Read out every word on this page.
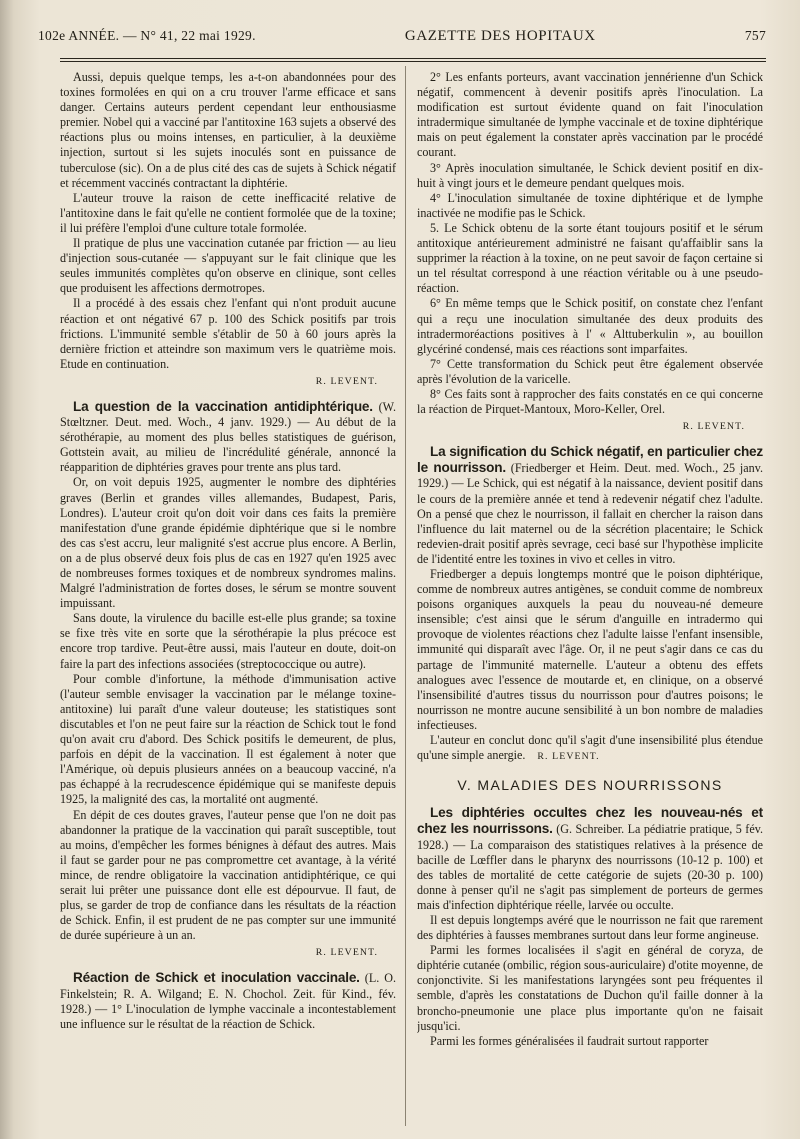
102e ANNÉE. — N° 41, 22 mai 1929.	GAZETTE DES HOPITAUX	757

Aussi, depuis quelque temps, les a-t-on abandonnées pour des toxines formolées en qui on a cru trouver l'arme efficace et sans danger. Certains auteurs perdent cependant leur enthousiasme premier. Nobel qui a vacciné par l'antitoxine 163 sujets a observé des réactions plus ou moins intenses, en particulier, à la deuxième injection, surtout si les sujets inoculés sont en puissance de tuberculose (sic). On a de plus cité des cas de sujets à Schick négatif et récemment vaccinés contractant la diphtérie.

L'auteur trouve la raison de cette inefficacité relative de l'antitoxine dans le fait qu'elle ne contient formolée que de la toxine; il lui préfère l'emploi d'une culture totale formolée.

Il pratique de plus une vaccination cutanée par friction — au lieu d'injection sous-cutanée — s'appuyant sur le fait clinique que les seules immunités complètes qu'on observe en clinique, sont celles que produisent les affections dermotropes.

Il a procédé à des essais chez l'enfant qui n'ont produit aucune réaction et ont négativé 67 p. 100 des Schick positifs par trois frictions. L'immunité semble s'établir de 50 à 60 jours après la dernière friction et atteindre son maximum vers le quatrième mois. Etude en continuation.

R. LEVENT.

La question de la vaccination antidiphtérique. (W. Stœltzner. Deut. med. Woch., 4 janv. 1929.) — Au début de la sérothérapie, au moment des plus belles statistiques de guérison, Gottstein avait, au milieu de l'incrédulité générale, annoncé la réapparition de diphtéries graves pour trente ans plus tard.

Or, on voit depuis 1925, augmenter le nombre des diphtéries graves (Berlin et grandes villes allemandes, Budapest, Paris, Londres). L'auteur croit qu'on doit voir dans ces faits la première manifestation d'une grande épidémie diphtérique que si le nombre des cas s'est accru, leur malignité s'est accrue plus encore. A Berlin, on a de plus observé deux fois plus de cas en 1927 qu'en 1925 avec de nombreuses formes toxiques et de nombreux syndromes malins. Malgré l'administration de fortes doses, le sérum se montre souvent impuissant.

Sans doute, la virulence du bacille est-elle plus grande; sa toxine se fixe très vite en sorte que la sérothérapie la plus précoce est encore trop tardive. Peut-être aussi, mais l'auteur en doute, doit-on faire la part des infections associées (streptococcique ou autre).

Pour comble d'infortune, la méthode d'immunisation active (l'auteur semble envisager la vaccination par le mélange toxine-antitoxine) lui paraît d'une valeur douteuse; les statistiques sont discutables et l'on ne peut faire sur la réaction de Schick tout le fond qu'on avait cru d'abord. Des Schick positifs le demeurent, de plus, parfois en dépit de la vaccination. Il est également à noter que l'Amérique, où depuis plusieurs années on a beaucoup vacciné, n'a pas échappé à la recrudescence épidémique qui se manifeste depuis 1925, la malignité des cas, la mortalité ont augmenté.

En dépit de ces doutes graves, l'auteur pense que l'on ne doit pas abandonner la pratique de la vaccination qui paraît susceptible, tout au moins, d'empêcher les formes bénignes à défaut des autres. Mais il faut se garder pour ne pas compromettre cet avantage, à la vérité mince, de rendre obligatoire la vaccination antidiphtérique, ce qui serait lui prêter une puissance dont elle est dépourvue. Il faut, de plus, se garder de trop de confiance dans les résultats de la réaction de Schick. Enfin, il est prudent de ne pas compter sur une immunité de durée supérieure à un an.

R. LEVENT.

Réaction de Schick et inoculation vaccinale. (L. O. Finkelstein; R. A. Wilgand; E. N. Chochol. Zeit. für Kind., fév. 1928.) — 1° L'inoculation de lymphe vaccinale a incontestablement une influence sur le résultat de la réaction de Schick.

2° Les enfants porteurs, avant vaccination jennérienne d'un Schick négatif, commencent à devenir positifs après l'inoculation. La modification est surtout évidente quand on fait l'inoculation intradermique simultanée de lymphe vaccinale et de toxine diphtérique mais on peut également la constater après vaccination par le procédé courant.

3° Après inoculation simultanée, le Schick devient positif en dix-huit à vingt jours et le demeure pendant quelques mois.

4° L'inoculation simultanée de toxine diphtérique et de lymphe inactivée ne modifie pas le Schick.

5. Le Schick obtenu de la sorte étant toujours positif et le sérum antitoxique antérieurement administré ne faisant qu'affaiblir sans la supprimer la réaction à la toxine, on ne peut savoir de façon certaine si un tel résultat correspond à une réaction véritable ou à une pseudo-réaction.

6° En même temps que le Schick positif, on constate chez l'enfant qui a reçu une inoculation simultanée des deux produits des intradermoréactions positives à l' « Alttuberkulin », au bouillon glycériné condensé, mais ces réactions sont imparfaites.

7° Cette transformation du Schick peut être également observée après l'évolution de la varicelle.

8° Ces faits sont à rapprocher des faits constatés en ce qui concerne la réaction de Pirquet-Mantoux, Moro-Keller, Orel.

R. LEVENT.

La signification du Schick négatif, en particulier chez le nourrisson. (Friedberger et Heim. Deut. med. Woch., 25 janv. 1929.) — Le Schick, qui est négatif à la naissance, devient positif dans le cours de la première année et tend à redevenir négatif chez l'adulte. On a pensé que chez le nourrisson, il fallait en chercher la raison dans l'influence du lait maternel ou de la sécrétion placentaire; le Schick redevien-drait positif après sevrage, ceci basé sur l'hypothèse implicite de l'identité entre les toxines in vivo et celles in vitro.

Friedberger a depuis longtemps montré que le poison diphtérique, comme de nombreux autres antigènes, se conduit comme de nombreux poisons organiques auxquels la peau du nouveau-né demeure insensible; c'est ainsi que le sérum d'anguille en intradermo qui provoque de violentes réactions chez l'adulte laisse l'enfant insensible, immunité qui disparaît avec l'âge. Or, il ne peut s'agir dans ce cas du partage de l'immunité maternelle. L'auteur a obtenu des effets analogues avec l'essence de moutarde et, en clinique, on a observé l'insensibilité d'autres tissus du nourrisson pour d'autres poisons; le nourrisson ne montre aucune sensibilité à un bon nombre de maladies infectieuses.

L'auteur en conclut donc qu'il s'agit d'une insensibilité plus étendue qu'une simple anergie. R. LEVENT.

V. MALADIES DES NOURRISSONS

Les diphtéries occultes chez les nouveau-nés et chez les nourrissons. (G. Schreiber. La pédiatrie pratique, 5 fév. 1928.) — La comparaison des statistiques relatives à la présence de bacille de Lœffler dans le pharynx des nourrissons (10-12 p. 100) et des tables de mortalité de cette catégorie de sujets (20-30 p. 100) donne à penser qu'il ne s'agit pas simplement de porteurs de germes mais d'infection diphtérique réelle, larvée ou occulte.

Il est depuis longtemps avéré que le nourrisson ne fait que rarement des diphtéries à fausses membranes surtout dans leur forme angineuse.

Parmi les formes localisées il s'agit en général de coryza, de diphtérie cutanée (ombilic, région sous-auriculaire) d'otite moyenne, de conjonctivite. Si les manifestations laryngées sont peu fréquentes il semble, d'après les constatations de Duchon qu'il faille donner à la broncho-pneumonie une place plus importante qu'on ne faisait jusqu'ici.

Parmi les formes généralisées il faudrait surtout rapporter
